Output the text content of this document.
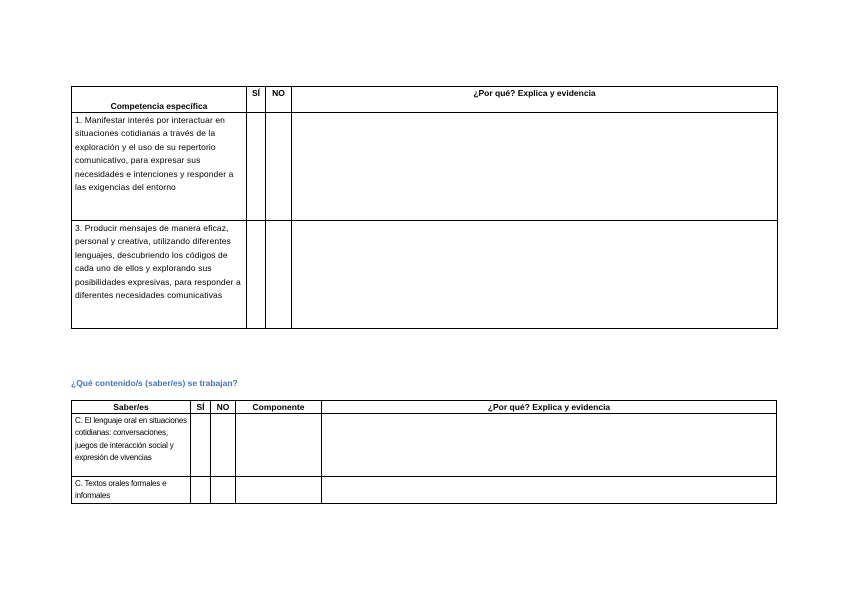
Competencia específica	SÍ	NO	¿Por qué? Explica y evidencia
1. Manifestar interés por interactuar en situaciones cotidianas a través de la exploración y el uso de su repertorio comunicativo, para expresar sus necesidades e intenciones y responder a las exigencias del entorno			
3. Producir mensajes de manera eficaz, personal y creativa, utilizando diferentes lenguajes, descubriendo los códigos de cada uno de ellos y explorando sus posibilidades expresivas, para responder a diferentes necesidades comunicativas			
¿Qué contenido/s (saber/es) se trabajan?
Saber/es	SÍ	NO	Componente	¿Por qué? Explica y evidencia
C. El lenguaje oral en situaciones cotidianas: conversaciones, juegos de interacción social y expresión de vivencias				
C. Textos orales formales e informales				
